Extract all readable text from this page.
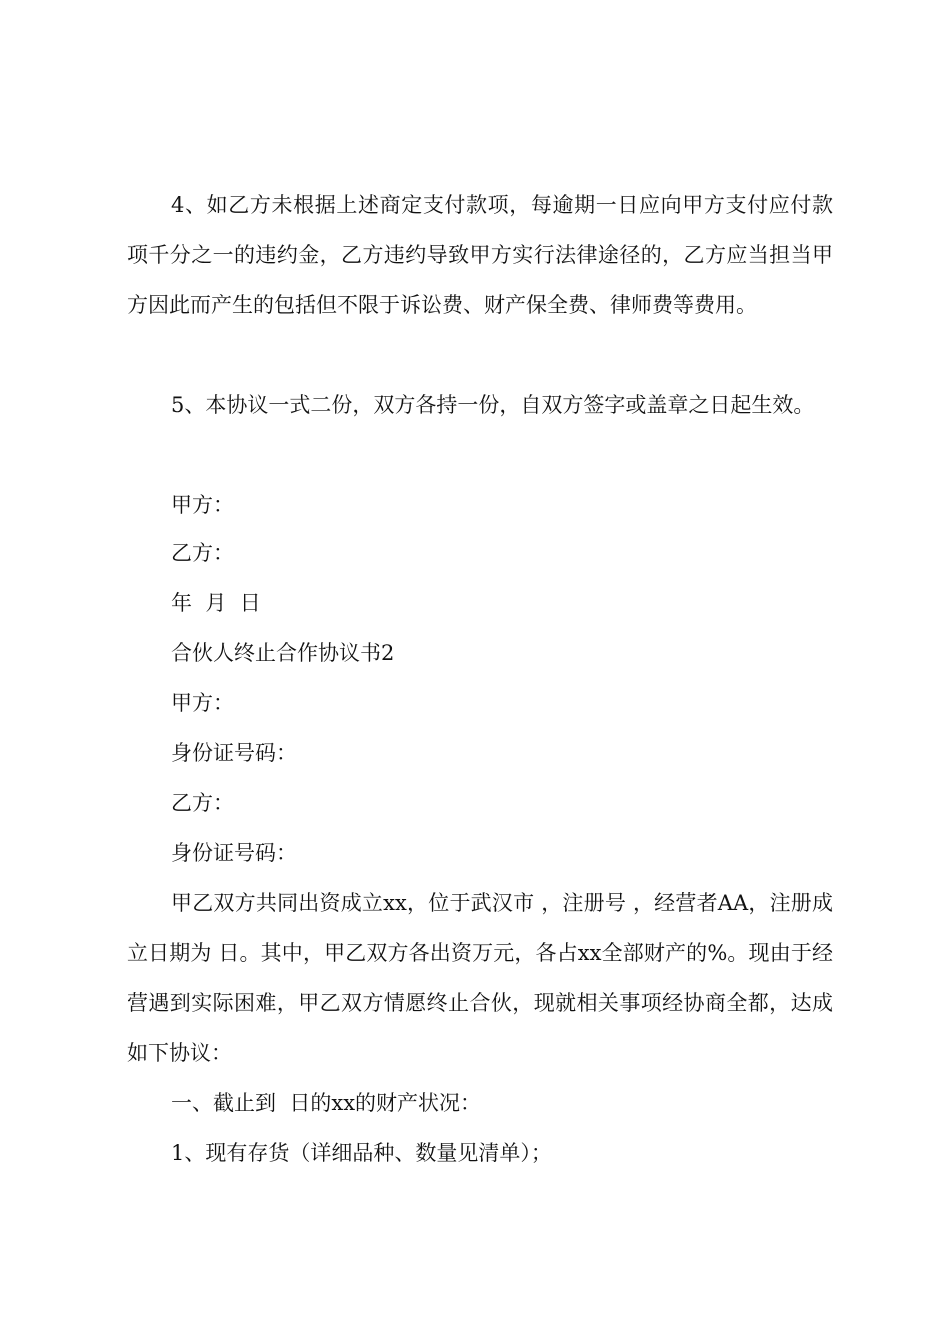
4、如乙方未根据上述商定支付款项，每逾期一日应向甲方支付应付款项千分之一的违约金，乙方违约导致甲方实行法律途径的，乙方应当担当甲方因此而产生的包括但不限于诉讼费、财产保全费、律师费等费用。

5、本协议一式二份，双方各持一份，自双方签字或盖章之日起生效。

甲方：

乙方：

年  月  日

合伙人终止合作协议书2

甲方：

身份证号码：

乙方：

身份证号码：

甲乙双方共同出资成立xx，位于武汉市 ，注册号 ，经营者AA，注册成立日期为 日。其中，甲乙双方各出资万元，各占xx全部财产的%。现由于经营遇到实际困难，甲乙双方情愿终止合伙，现就相关事项经协商全都，达成如下协议：

一、截止到  日的xx的财产状况：

1、现有存货（详细品种、数量见清单）；
